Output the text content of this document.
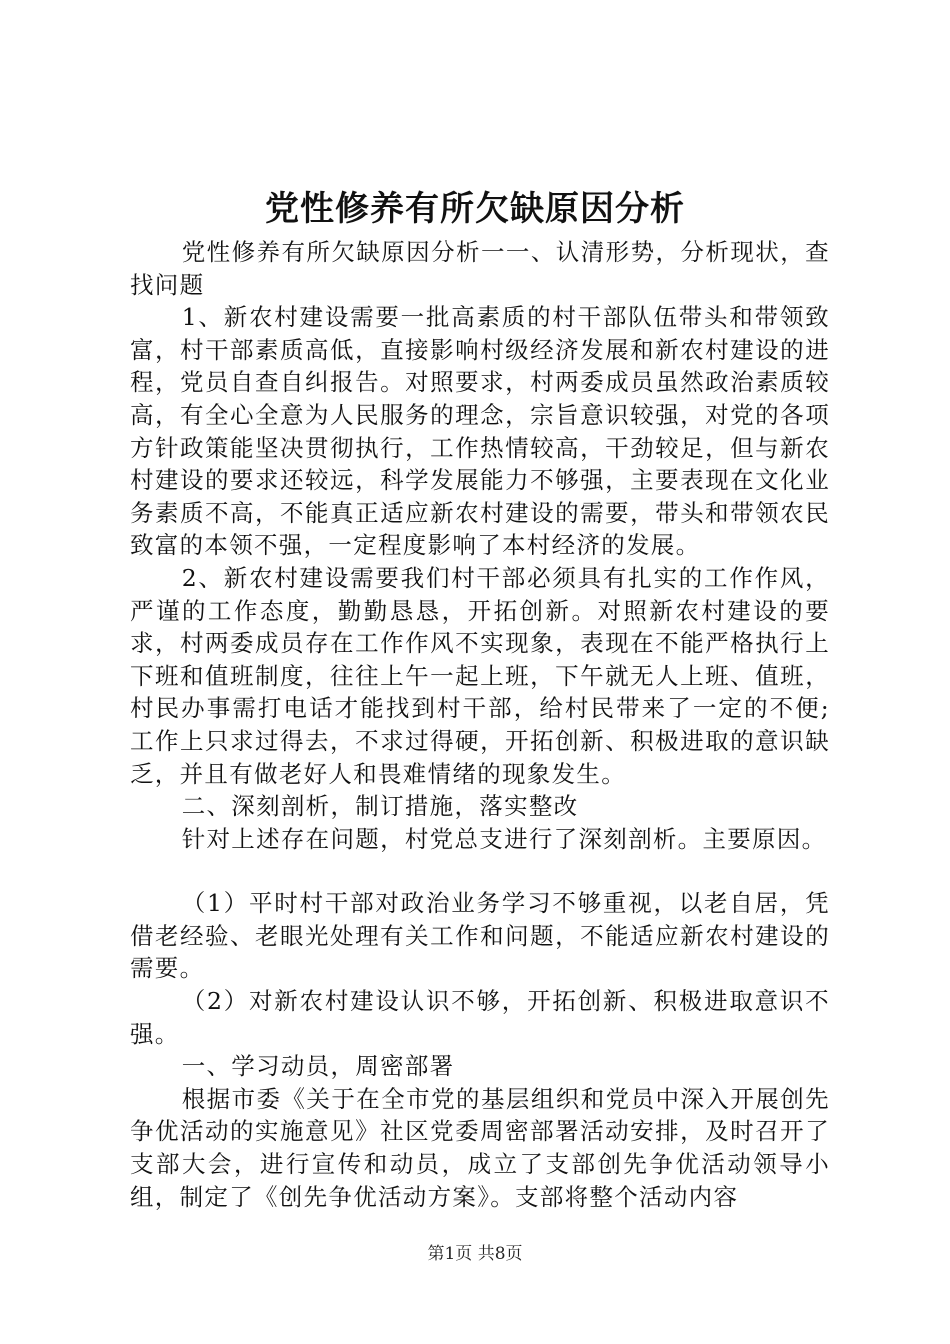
党性修养有所欠缺原因分析

党性修养有所欠缺原因分析一一、认清形势，分析现状，查找问题

1、新农村建设需要一批高素质的村干部队伍带头和带领致富，村干部素质高低，直接影响村级经济发展和新农村建设的进程，党员自查自纠报告。对照要求，村两委成员虽然政治素质较高，有全心全意为人民服务的理念，宗旨意识较强，对党的各项方针政策能坚决贯彻执行，工作热情较高，干劲较足，但与新农村建设的要求还较远，科学发展能力不够强，主要表现在文化业务素质不高，不能真正适应新农村建设的需要，带头和带领农民致富的本领不强，一定程度影响了本村经济的发展。

2、新农村建设需要我们村干部必须具有扎实的工作作风，严谨的工作态度，勤勤恳恳，开拓创新。对照新农村建设的要求，村两委成员存在工作作风不实现象，表现在不能严格执行上下班和值班制度，往往上午一起上班，下午就无人上班、值班，村民办事需打电话才能找到村干部，给村民带来了一定的不便;工作上只求过得去，不求过得硬，开拓创新、积极进取的意识缺乏，并且有做老好人和畏难情绪的现象发生。

二、深刻剖析，制订措施，落实整改

针对上述存在问题，村党总支进行了深刻剖析。主要原因。

（1）平时村干部对政治业务学习不够重视，以老自居，凭借老经验、老眼光处理有关工作和问题，不能适应新农村建设的需要。

（2）对新农村建设认识不够，开拓创新、积极进取意识不强。

一、学习动员，周密部署

根据市委《关于在全市党的基层组织和党员中深入开展创先争优活动的实施意见》社区党委周密部署活动安排，及时召开了支部大会，进行宣传和动员，成立了支部创先争优活动领导小组，制定了《创先争优活动方案》。支部将整个活动内容

第1页 共8页
